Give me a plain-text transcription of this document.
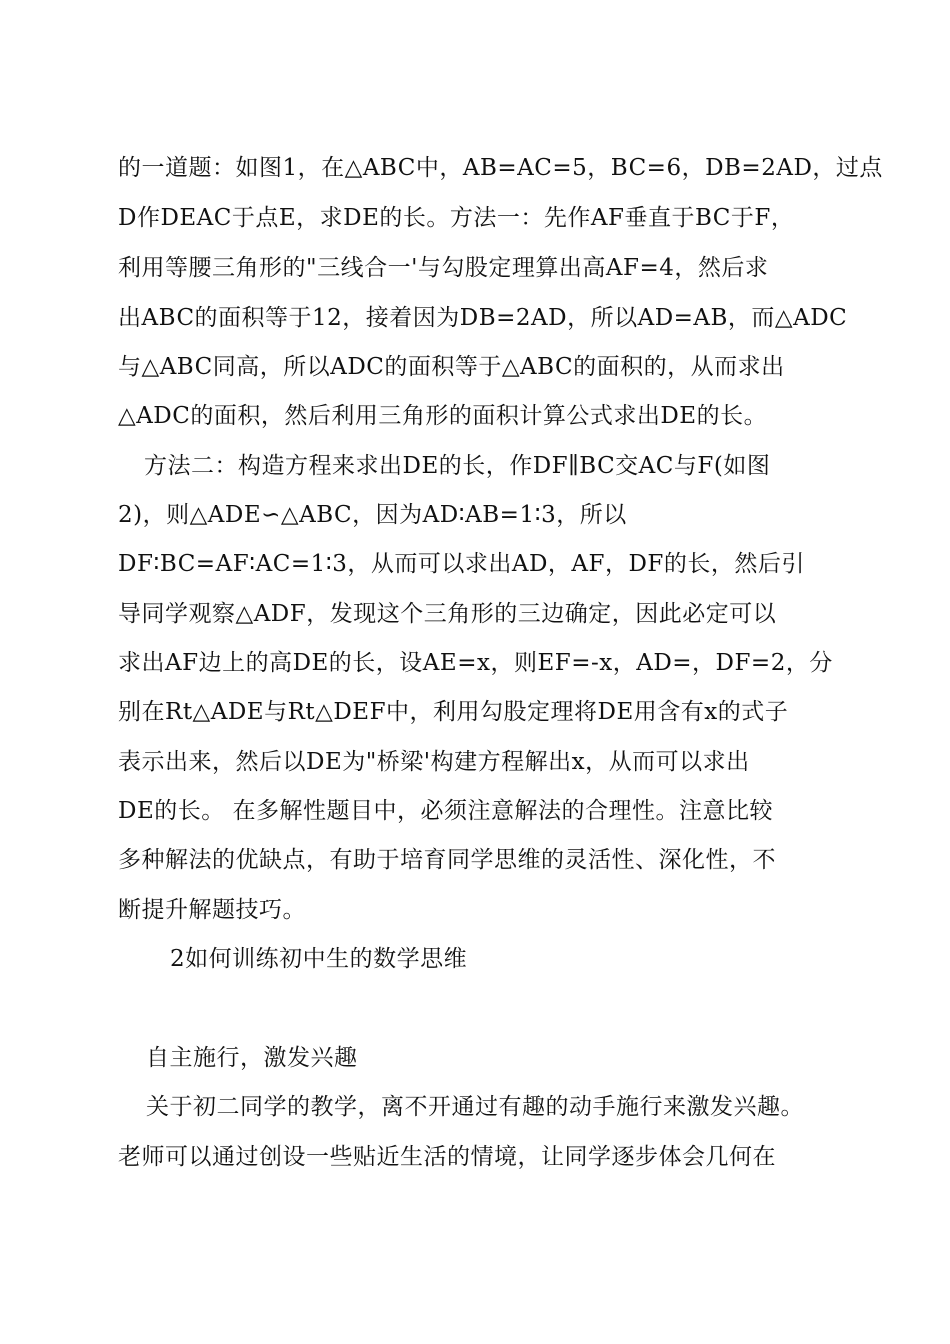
的一道题：如图1，在△ABC中，AB=AC=5，BC=6，DB=2AD，过点
D作DEAC于点E，求DE的长。方法一：先作AF垂直于BC于F，
利用等腰三角形的"三线合一'与勾股定理算出高AF=4，然后求
出ABC的面积等于12，接着因为DB=2AD，所以AD=AB，而△ADC
与△ABC同高，所以ADC的面积等于△ABC的面积的，从而求出
△ADC的面积，然后利用三角形的面积计算公式求出DE的长。
方法二：构造方程来求出DE的长，作DF∥BC交AC与F(如图
2)，则△ADE∽△ABC，因为AD∶AB=1∶3，所以
DF∶BC=AF∶AC=1∶3，从而可以求出AD，AF，DF的长，然后引
导同学观察△ADF，发现这个三角形的三边确定，因此必定可以
求出AF边上的高DE的长，设AE=x，则EF=-x，AD=，DF=2，分
别在Rt△ADE与Rt△DEF中，利用勾股定理将DE用含有x的式子
表示出来，然后以DE为"桥梁'构建方程解出x，从而可以求出
DE的长。 在多解性题目中，必须注意解法的合理性。注意比较
多种解法的优缺点，有助于培育同学思维的灵活性、深化性，不
断提升解题技巧。
2如何训练初中生的数学思维
自主施行，激发兴趣
关于初二同学的教学，离不开通过有趣的动手施行来激发兴趣。
老师可以通过创设一些贴近生活的情境，让同学逐步体会几何在
